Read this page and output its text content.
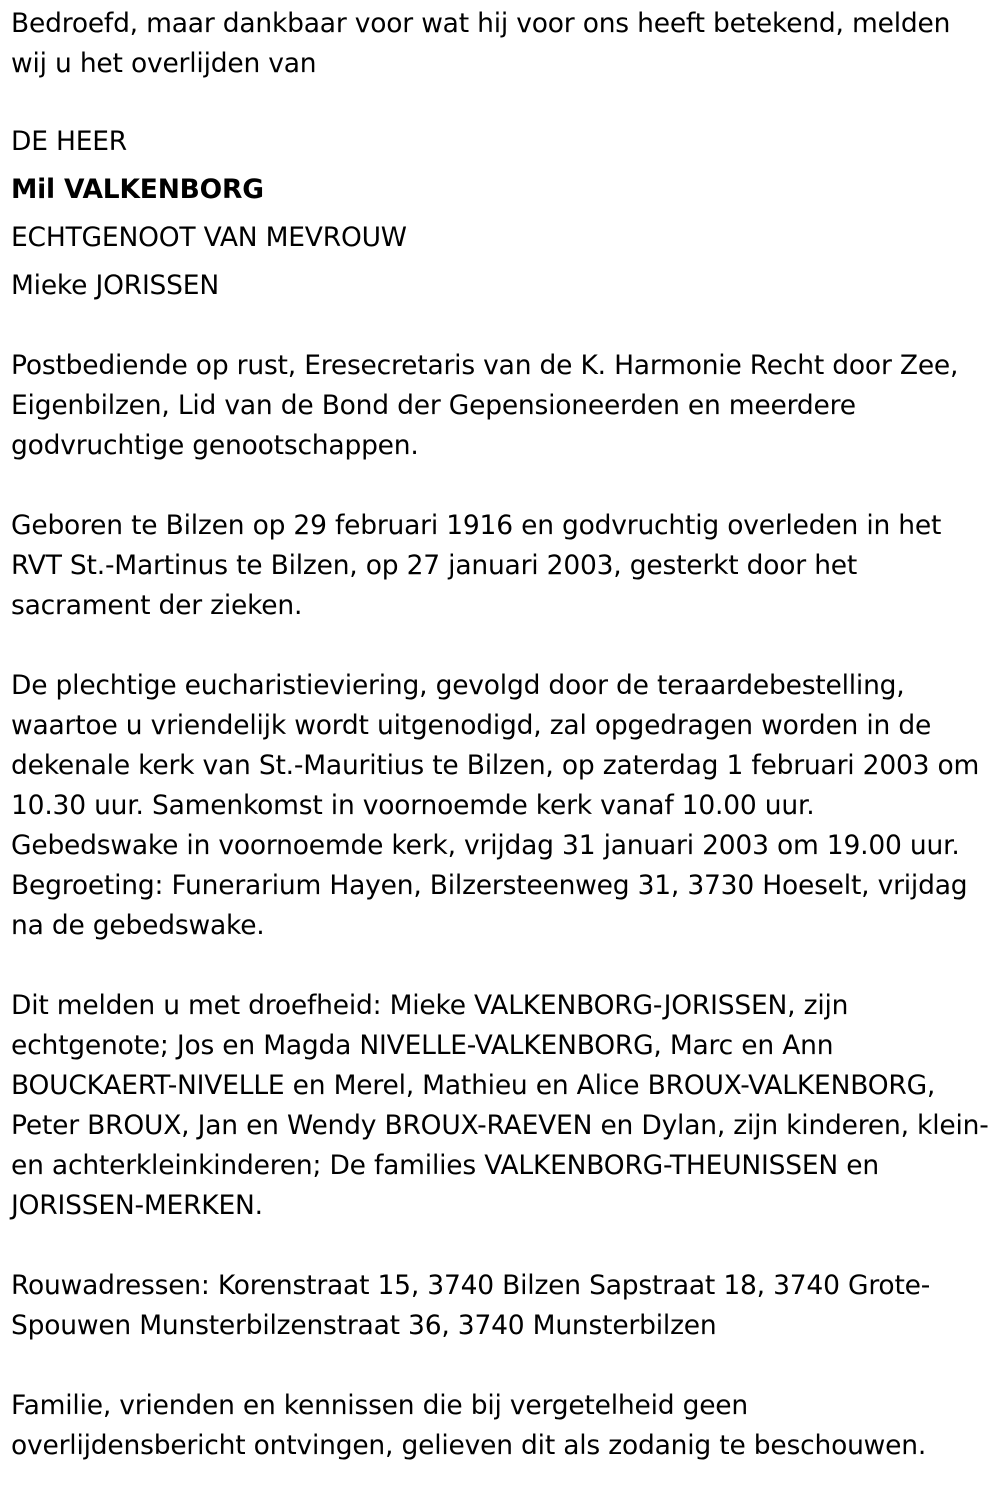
Bedroefd, maar dankbaar voor wat hij voor ons heeft betekend, melden
wij u het overlijden van
DE HEER
Mil VALKENBORG
ECHTGENOOT VAN MEVROUW
Mieke JORISSEN
Postbediende op rust, Eresecretaris van de K. Harmonie Recht door Zee,
Eigenbilzen, Lid van de Bond der Gepensioneerden en meerdere
godvruchtige genootschappen.
Geboren te Bilzen op 29 februari 1916 en godvruchtig overleden in het
RVT St.-Martinus te Bilzen, op 27 januari 2003, gesterkt door het
sacrament der zieken.
De plechtige eucharistieviering, gevolgd door de teraardebestelling,
waartoe u vriendelijk wordt uitgenodigd, zal opgedragen worden in de
dekenale kerk van St.-Mauritius te Bilzen, op zaterdag 1 februari 2003 om
10.30 uur. Samenkomst in voornoemde kerk vanaf 10.00 uur.
Gebedswake in voornoemde kerk, vrijdag 31 januari 2003 om 19.00 uur.
Begroeting: Funerarium Hayen, Bilzersteenweg 31, 3730 Hoeselt, vrijdag
na de gebedswake.
Dit melden u met droefheid: Mieke VALKENBORG-JORISSEN, zijn
echtgenote; Jos en Magda NIVELLE-VALKENBORG, Marc en Ann
BOUCKAERT-NIVELLE en Merel, Mathieu en Alice BROUX-VALKENBORG,
Peter BROUX, Jan en Wendy BROUX-RAEVEN en Dylan, zijn kinderen, klein-
en achterkleinkinderen; De families VALKENBORG-THEUNISSEN en
JORISSEN-MERKEN.
Rouwadressen: Korenstraat 15, 3740 Bilzen Sapstraat 18, 3740 Grote-
Spouwen Munsterbilzenstraat 36, 3740 Munsterbilzen
Familie, vrienden en kennissen die bij vergetelheid geen
overlijdensbericht ontvingen, gelieven dit als zodanig te beschouwen.
